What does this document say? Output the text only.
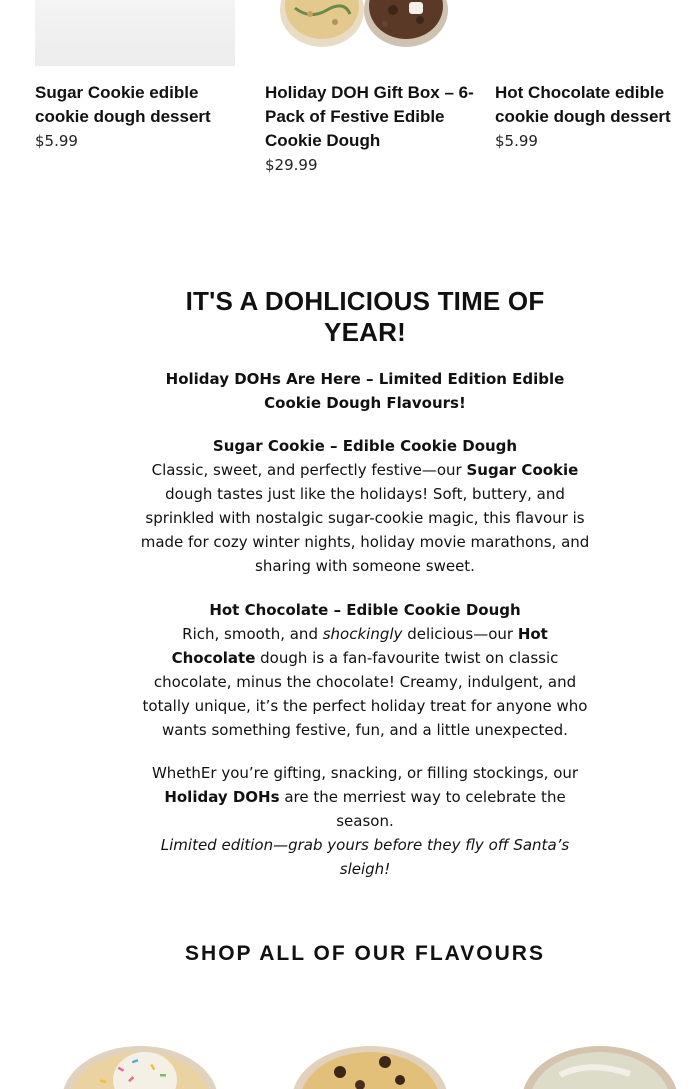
Sugar Cookie edible cookie dough dessert
$5.99
Holiday DOH Gift Box – 6-Pack of Festive Edible Cookie Dough
$29.99
Hot Chocolate edible cookie dough dessert
$5.99
IT'S A DOHLICIOUS TIME OF YEAR!

Holiday DOHs Are Here – Limited Edition Edible Cookie Dough Flavours!

Sugar Cookie – Edible Cookie Dough
Classic, sweet, and perfectly festive—our Sugar Cookie dough tastes just like the holidays! Soft, buttery, and sprinkled with nostalgic sugar-cookie magic, this flavour is made for cozy winter nights, holiday movie marathons, and sharing with someone sweet.

Hot Chocolate – Edible Cookie Dough
Rich, smooth, and shockingly delicious—our Hot Chocolate dough is a fan-favourite twist on classic chocolate, minus the chocolate! Creamy, indulgent, and totally unique, it’s the perfect holiday treat for anyone who wants something festive, fun, and a little unexpected.

WhethEr you’re gifting, snacking, or filling stockings, our Holiday DOHs are the merriest way to celebrate the season.
Limited edition—grab yours before they fly off Santa’s sleigh!

SHOP ALL OF OUR FLAVOURS
